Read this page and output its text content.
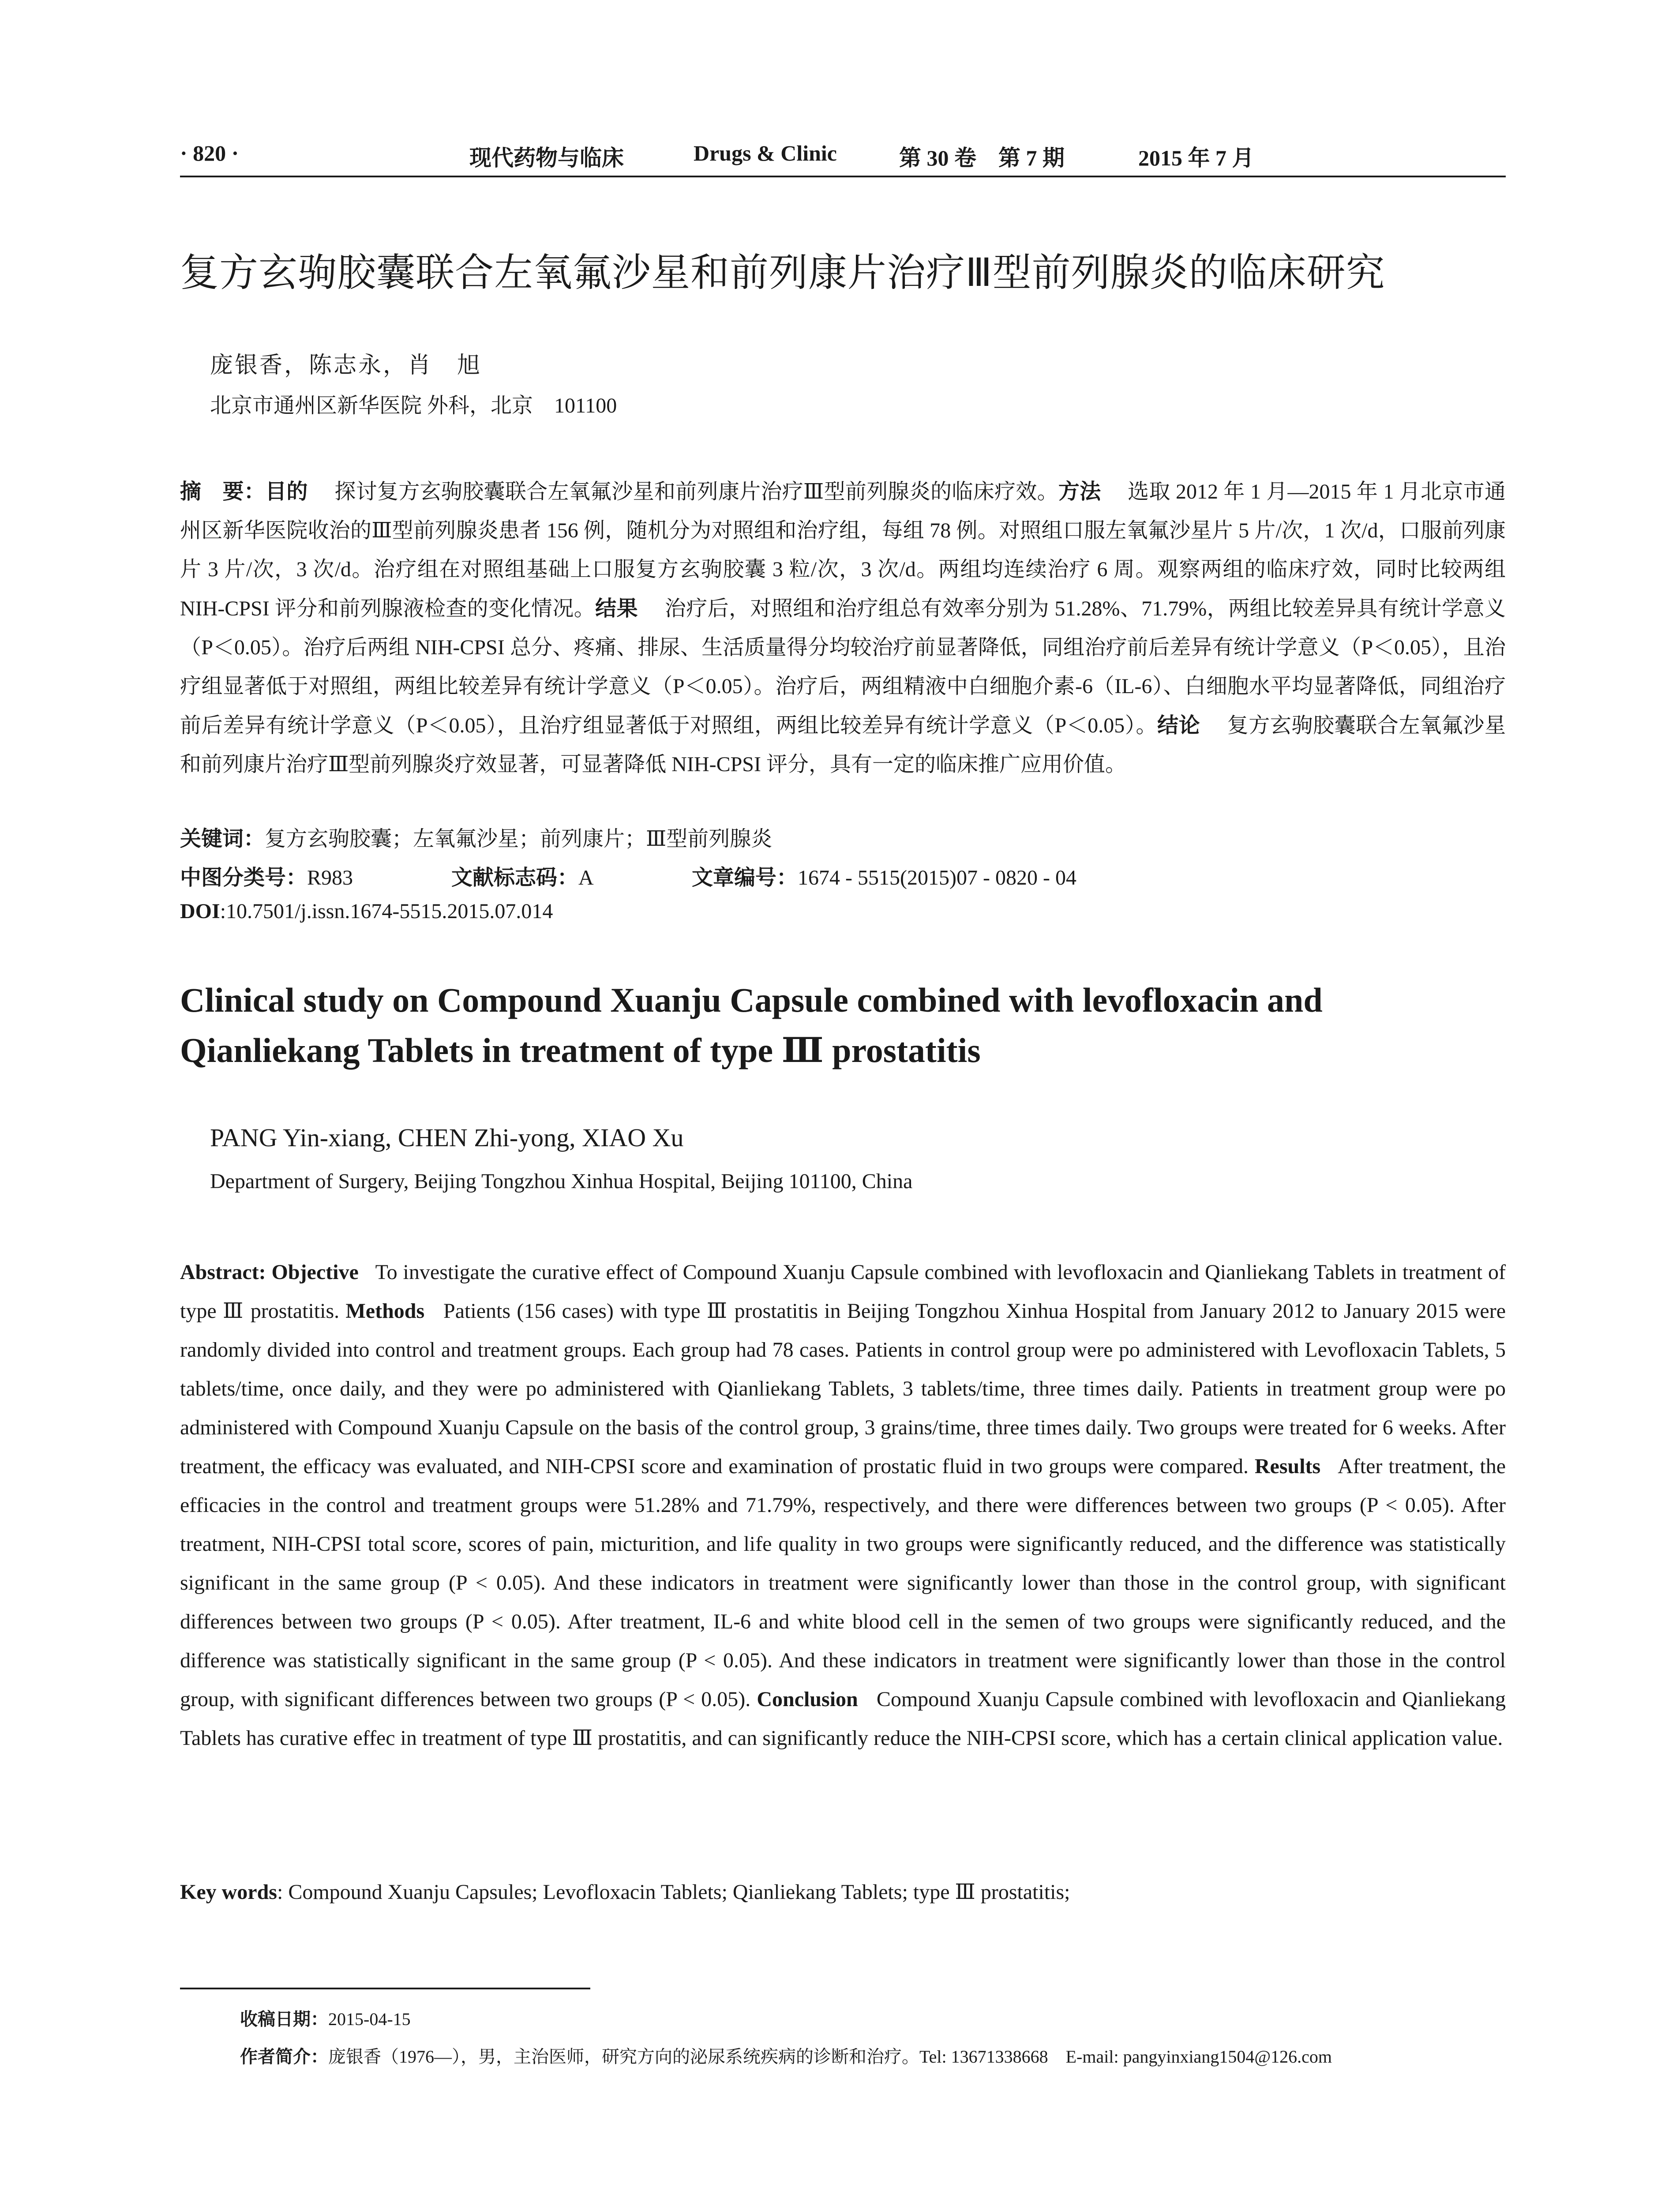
· 820 ·	现代药物与临床	Drugs & Clinic	第 30 卷　第 7 期	2015 年 7 月
复方玄驹胶囊联合左氧氟沙星和前列康片治疗Ⅲ型前列腺炎的临床研究
庞银香，陈志永，肖　旭
北京市通州区新华医院 外科，北京　101100
摘　要：目的　 探讨复方玄驹胶囊联合左氧氟沙星和前列康片治疗Ⅲ型前列腺炎的临床疗效。方法　 选取 2012 年 1 月—2015 年 1 月北京市通州区新华医院收治的Ⅲ型前列腺炎患者 156 例，随机分为对照组和治疗组，每组 78 例。对照组口服左氧氟沙星片 5 片/次，1 次/d，口服前列康片 3 片/次，3 次/d。治疗组在对照组基础上口服复方玄驹胶囊 3 粒/次，3 次/d。两组均连续治疗 6 周。观察两组的临床疗效，同时比较两组 NIH-CPSI 评分和前列腺液检查的变化情况。结果　 治疗后，对照组和治疗组总有效率分别为 51.28%、71.79%，两组比较差异具有统计学意义（P＜0.05）。治疗后两组 NIH-CPSI 总分、疼痛、排尿、生活质量得分均较治疗前显著降低，同组治疗前后差异有统计学意义（P＜0.05），且治疗组显著低于对照组，两组比较差异有统计学意义（P＜0.05）。治疗后，两组精液中白细胞介素-6（IL-6）、白细胞水平均显著降低，同组治疗前后差异有统计学意义（P＜0.05），且治疗组显著低于对照组，两组比较差异有统计学意义（P＜0.05）。结论　 复方玄驹胶囊联合左氧氟沙星和前列康片治疗Ⅲ型前列腺炎疗效显著，可显著降低 NIH-CPSI 评分，具有一定的临床推广应用价值。
关键词：复方玄驹胶囊；左氧氟沙星；前列康片；Ⅲ型前列腺炎
中图分类号：R983	文献标志码：A	文章编号：1674 - 5515(2015)07 - 0820 - 04
DOI:10.7501/j.issn.1674-5515.2015.07.014
Clinical study on Compound Xuanju Capsule combined with levofloxacin and
Qianliekang Tablets in treatment of type Ⅲ prostatitis
PANG Yin-xiang, CHEN Zhi-yong, XIAO Xu
Department of Surgery, Beijing Tongzhou Xinhua Hospital, Beijing 101100, China
Abstract: Objective To investigate the curative effect of Compound Xuanju Capsule combined with levofloxacin and Qianliekang Tablets in treatment of type Ⅲ prostatitis. Methods Patients (156 cases) with type Ⅲ prostatitis in Beijing Tongzhou Xinhua Hospital from January 2012 to January 2015 were randomly divided into control and treatment groups. Each group had 78 cases. Patients in control group were po administered with Levofloxacin Tablets, 5 tablets/time, once daily, and they were po administered with Qianliekang Tablets, 3 tablets/time, three times daily. Patients in treatment group were po administered with Compound Xuanju Capsule on the basis of the control group, 3 grains/time, three times daily. Two groups were treated for 6 weeks. After treatment, the efficacy was evaluated, and NIH-CPSI score and examination of prostatic fluid in two groups were compared. Results After treatment, the efficacies in the control and treatment groups were 51.28% and 71.79%, respectively, and there were differences between two groups (P < 0.05). After treatment, NIH-CPSI total score, scores of pain, micturition, and life quality in two groups were significantly reduced, and the difference was statistically significant in the same group (P < 0.05). And these indicators in treatment were significantly lower than those in the control group, with significant differences between two groups (P < 0.05). After treatment, IL-6 and white blood cell in the semen of two groups were significantly reduced, and the difference was statistically significant in the same group (P < 0.05). And these indicators in treatment were significantly lower than those in the control group, with significant differences between two groups (P < 0.05). Conclusion Compound Xuanju Capsule combined with levofloxacin and Qianliekang Tablets has curative effec in treatment of type Ⅲ prostatitis, and can significantly reduce the NIH-CPSI score, which has a certain clinical application value.
Key words: Compound Xuanju Capsules; Levofloxacin Tablets; Qianliekang Tablets; type Ⅲ prostatitis;
收稿日期：2015-04-15
作者简介：庞银香（1976—），男，主治医师，研究方向的泌尿系统疾病的诊断和治疗。Tel: 13671338668　E-mail: pangyinxiang1504@126.com
